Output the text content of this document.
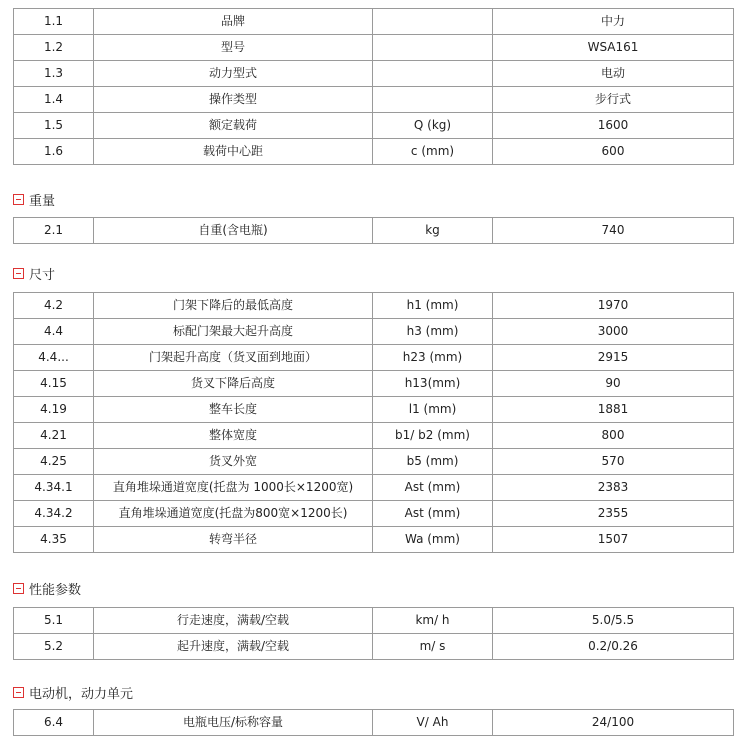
1.1	品牌		中力
1.2	型号		WSA161
1.3	动力型式		电动
1.4	操作类型		步行式
1.5	额定载荷	Q (kg)	1600
1.6	载荷中心距	c (mm)	600
重量
2.1	自重(含电瓶)	kg	740
尺寸
4.2	门架下降后的最低高度	h1 (mm)	1970
4.4	标配门架最大起升高度	h3 (mm)	3000
4.4...	门架起升高度（货叉面到地面）	h23 (mm)	2915
4.15	货叉下降后高度	h13(mm)	90
4.19	整车长度	l1 (mm)	1881
4.21	整体宽度	b1/ b2 (mm)	800
4.25	货叉外宽	b5 (mm)	570
4.34.1	直角堆垛通道宽度(托盘为 1000长×1200宽)	Ast (mm)	2383
4.34.2	直角堆垛通道宽度(托盘为800宽×1200长)	Ast (mm)	2355
4.35	转弯半径	Wa (mm)	1507
性能参数
5.1	行走速度，满载/空载	km/ h	5.0/5.5
5.2	起升速度，满载/空载	m/ s	0.2/0.26
电动机，动力单元
6.4	电瓶电压/标称容量	V/ Ah	24/100
